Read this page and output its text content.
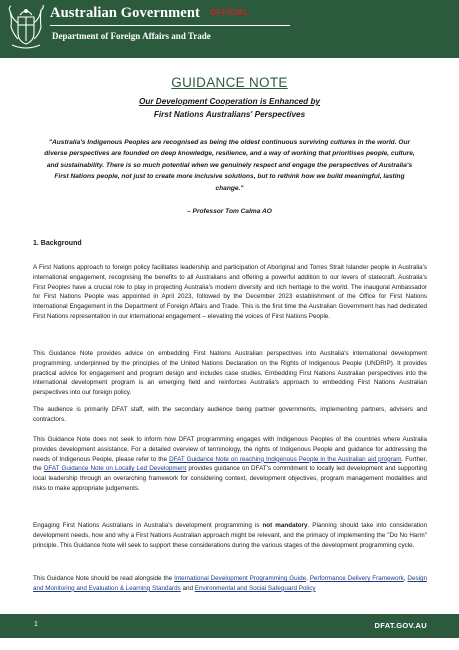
Australian Government
Department of Foreign Affairs and Trade
OFFICIAL
GUIDANCE NOTE
Our Development Cooperation is Enhanced by
First Nations Australians' Perspectives
"Australia's Indigenous Peoples are recognised as being the oldest continuous surviving cultures in the world. Our diverse perspectives are founded on deep knowledge, resilience, and a way of working that prioritises people, culture, and sustainability. There is so much potential when we genuinely respect and engage the perspectives of Australia's First Nations people, not just to create more inclusive solutions, but to rethink how we build meaningful, lasting change."
– Professor Tom Calma AO
1. Background
A First Nations approach to foreign policy facilitates leadership and participation of Aboriginal and Torres Strait Islander people in Australia's international engagement, recognising the benefits to all Australians and offering a powerful addition to our levers of statecraft. Australia's First Peoples have a crucial role to play in projecting Australia's modern diversity and rich heritage to the world. The inaugural Ambassador for First Nations People was appointed in April 2023, followed by the December 2023 establishment of the Office for First Nations International Engagement in the Department of Foreign Affairs and Trade. This is the first time the Australian Government has had dedicated First Nations representation in our international engagement – elevating the voices of First Nations People.
This Guidance Note provides advice on embedding First Nations Australian perspectives into Australia's international development programming, underpinned by the principles of the United Nations Declaration on the Rights of Indigenous People (UNDRIP). It provides practical advice for engagement and program design and includes case studies. Embedding First Nations Australian perspectives into the international development program is an emerging field and reinforces Australia's approach to embedding First Nations Australian perspectives into our foreign policy.
The audience is primarily DFAT staff, with the secondary audience being partner governments, implementing partners, advisers and contractors.
This Guidance Note does not seek to inform how DFAT programming engages with Indigenous Peoples of the countries where Australia provides development assistance. For a detailed overview of terminology, the rights of Indigenous People and guidance for addressing the needs of Indigenous People, please refer to the DFAT Guidance Note on reaching Indigenous People in the Australian aid program. Further, the DFAT Guidance Note on Locally Led Development provides guidance on DFAT's commitment to locally led development and supporting local leadership through an overarching framework for considering context, development objectives, program management modalities and risks to make appropriate judgements.
Engaging First Nations Australians in Australia's development programming is not mandatory. Planning should take into consideration development needs, how and why a First Nations Australian approach might be relevant, and the primacy of implementing the "Do No Harm" principle. This Guidance Note will seek to support these considerations during the various stages of the development programming cycle.
This Guidance Note should be read alongside the International Development Programming Guide, Performance Delivery Framework, Design and Monitoring and Evaluation & Learning Standards and Environmental and Social Safeguard Policy
1	DFAT.GOV.AU
